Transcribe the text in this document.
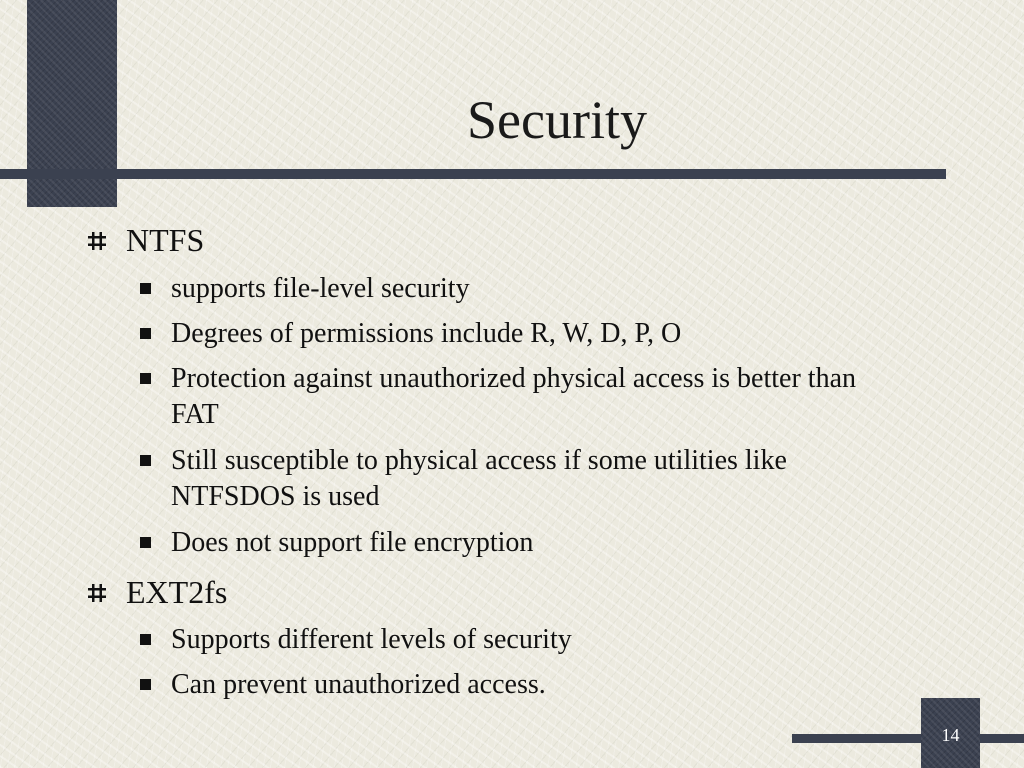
Security
NTFS
supports file-level security
Degrees of permissions include R, W, D, P, O
Protection against unauthorized physical access is better than FAT
Still susceptible to physical access if some utilities like NTFSDOS is used
Does not support file encryption
EXT2fs
Supports different levels of security
Can prevent unauthorized access.
14
